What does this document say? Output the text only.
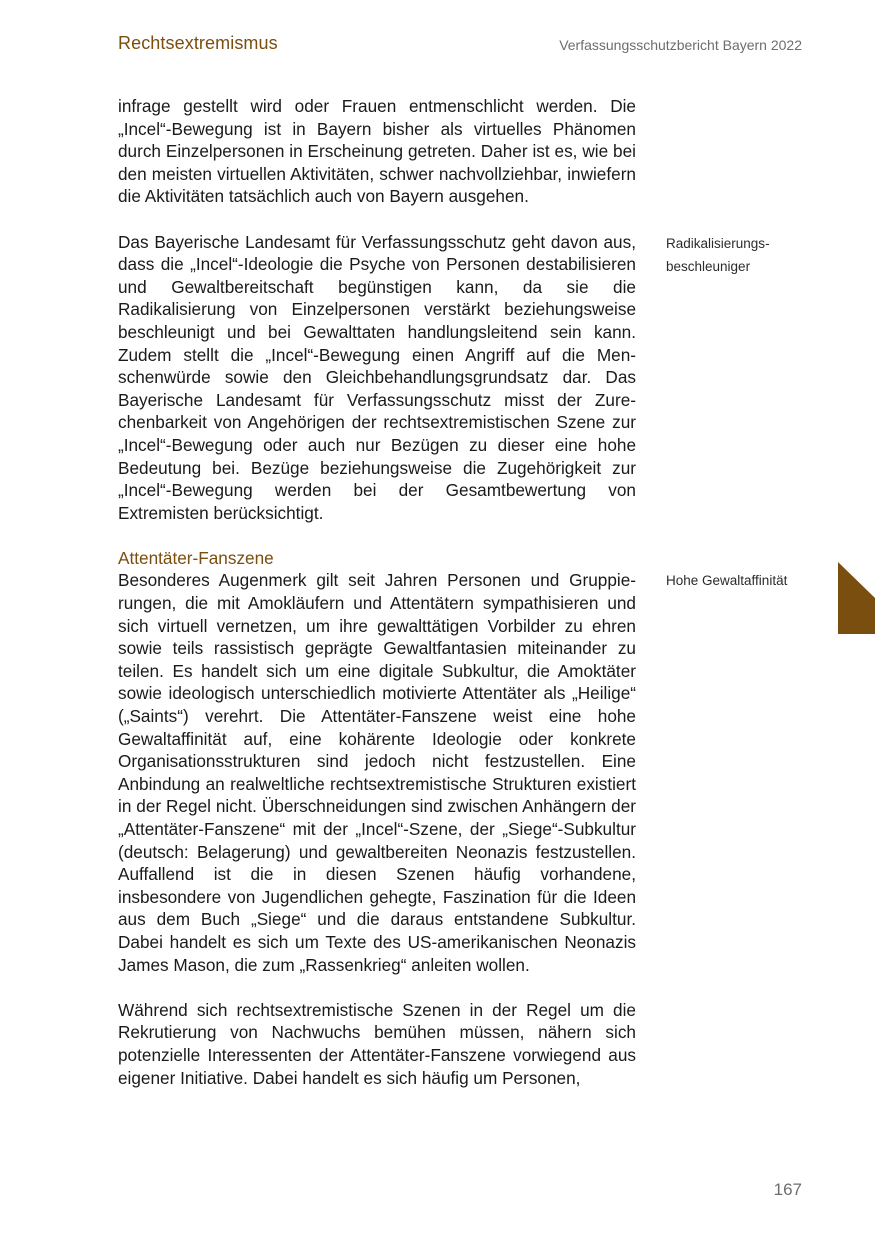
Rechtsextremismus	Verfassungsschutzbericht Bayern 2022

infrage gestellt wird oder Frauen entmenschlicht werden. Die „Incel“-Bewegung ist in Bayern bisher als virtuelles Phänomen durch Einzelpersonen in Erscheinung getreten. Daher ist es, wie bei den meisten virtuellen Aktivitäten, schwer nachvollziehbar, inwiefern die Aktivitäten tatsächlich auch von Bayern ausgehen.

Das Bayerische Landesamt für Verfassungsschutz geht davon aus, dass die „Incel“-Ideologie die Psyche von Personen destabilisieren und Gewaltbereitschaft begünstigen kann, da sie die Radikalisierung von Einzelpersonen verstärkt beziehungsweise beschleunigt und bei Gewalttaten handlungsleitend sein kann. Zudem stellt die „Incel“-Bewegung einen Angriff auf die Menschenwürde sowie den Gleichbehandlungsgrundsatz dar. Das Bayerische Landesamt für Verfassungsschutz misst der Zurechenbarkeit von Angehörigen der rechtsextremistischen Szene zur „Incel“-Bewegung oder auch nur Bezügen zu dieser eine hohe Bedeutung bei. Bezüge beziehungsweise die Zugehörigkeit zur „Incel“-Bewegung werden bei der Gesamtbewertung von Extremisten berücksichtigt.

Attentäter-Fanszene

Besonderes Augenmerk gilt seit Jahren Personen und Gruppierungen, die mit Amokläufern und Attentätern sympathisieren und sich virtuell vernetzen, um ihre gewalttätigen Vorbilder zu ehren sowie teils rassistisch geprägte Gewaltfantasien miteinander zu teilen. Es handelt sich um eine digitale Subkultur, die Amoktäter sowie ideologisch unterschiedlich motivierte Attentäter als „Heilige“ („Saints“) verehrt. Die Attentäter-Fanszene weist eine hohe Gewaltaffinität auf, eine kohärente Ideologie oder konkrete Organisationsstrukturen sind jedoch nicht festzustellen. Eine Anbindung an realweltliche rechtsextremistische Strukturen existiert in der Regel nicht. Überschneidungen sind zwischen Anhängern der „Attentäter-Fanszene“ mit der „Incel“-Szene, der „Siege“-Subkultur (deutsch: Belagerung) und gewaltbereiten Neonazis festzustellen. Auffallend ist die in diesen Szenen häufig vorhandene, insbesondere von Jugendlichen gehegte, Faszination für die Ideen aus dem Buch „Siege“ und die daraus entstandene Subkultur. Dabei handelt es sich um Texte des US-amerikanischen Neonazis James Mason, die zum „Rassenkrieg“ anleiten wollen.

Während sich rechtsextremistische Szenen in der Regel um die Rekrutierung von Nachwuchs bemühen müssen, nähern sich potenzielle Interessenten der Attentäter-Fanszene vorwiegend aus eigener Initiative. Dabei handelt es sich häufig um Personen,

Radikalisierungsbeschleuniger
Hohe Gewaltaffinität
167
